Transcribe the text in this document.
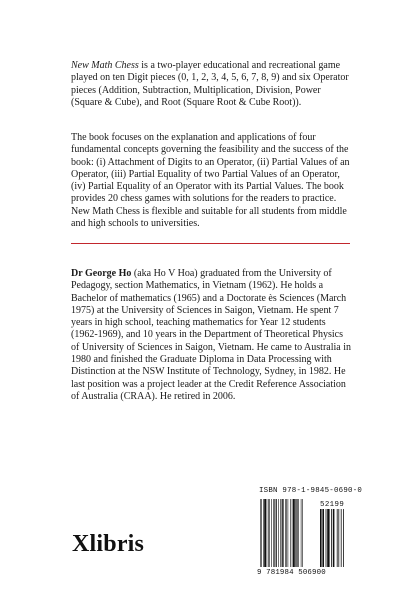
New Math Chess is a two-player educational and recreational game played on ten Digit pieces (0, 1, 2, 3, 4, 5, 6, 7, 8, 9) and six Operator pieces (Addition, Subtraction, Multiplication, Division, Power (Square & Cube), and Root (Square Root & Cube Root)).

The book focuses on the explanation and applications of four fundamental concepts governing the feasibility and the success of the book: (i) Attachment of Digits to an Operator, (ii) Partial Values of an Operator, (iii) Partial Equality of two Partial Values of an Operator, (iv) Partial Equality of an Operator with its Partial Values. The book provides 20 chess games with solutions for the readers to practice. New Math Chess is flexible and suitable for all students from middle and high schools to universities.

Dr George Ho (aka Ho V Hoa) graduated from the University of Pedagogy, section Mathematics, in Vietnam (1962). He holds a Bachelor of mathematics (1965) and a Doctorate ès Sciences (March 1975) at the University of Sciences in Saigon, Vietnam. He spent 7 years in high school, teaching mathematics for Year 12 students (1962-1969), and 10 years in the Department of Theoretical Physics of University of Sciences in Saigon, Vietnam. He came to Australia in 1980 and finished the Graduate Diploma in Data Processing with Distinction at the NSW Institute of Technology, Sydney, in 1982. He last position was a project leader at the Credit Reference Association of Australia (CRAA). He retired in 2006.

Xlibris
ISBN 978-1-9845-0690-0
52199
9 781984 506900
